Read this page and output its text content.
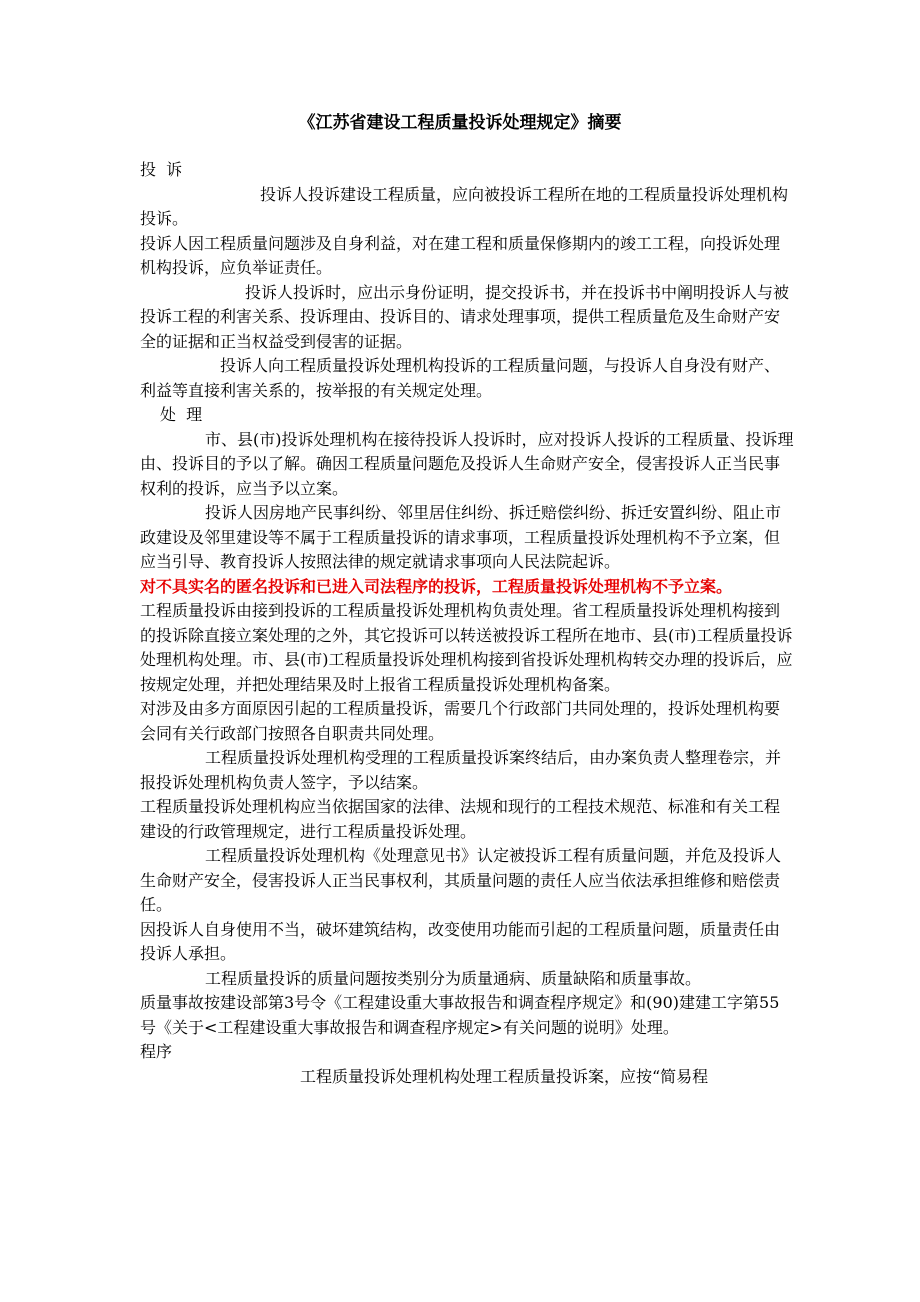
《江苏省建设工程质量投诉处理规定》摘要

投  诉

投诉人投诉建设工程质量，应向被投诉工程所在地的工程质量投诉处理机构投诉。

投诉人因工程质量问题涉及自身利益，对在建工程和质量保修期内的竣工工程，向投诉处理机构投诉，应负举证责任。

投诉人投诉时，应出示身份证明，提交投诉书，并在投诉书中阐明投诉人与被投诉工程的利害关系、投诉理由、投诉目的、请求处理事项，提供工程质量危及生命财产安全的证据和正当权益受到侵害的证据。

投诉人向工程质量投诉处理机构投诉的工程质量问题，与投诉人自身没有财产、利益等直接利害关系的，按举报的有关规定处理。

处  理

市、县(市)投诉处理机构在接待投诉人投诉时，应对投诉人投诉的工程质量、投诉理由、投诉目的予以了解。确因工程质量问题危及投诉人生命财产安全，侵害投诉人正当民事权利的投诉，应当予以立案。

投诉人因房地产民事纠纷、邻里居住纠纷、拆迁赔偿纠纷、拆迁安置纠纷、阻止市政建设及邻里建设等不属于工程质量投诉的请求事项，工程质量投诉处理机构不予立案，但应当引导、教育投诉人按照法律的规定就请求事项向人民法院起诉。

对不具实名的匿名投诉和已进入司法程序的投诉，工程质量投诉处理机构不予立案。

工程质量投诉由接到投诉的工程质量投诉处理机构负责处理。省工程质量投诉处理机构接到的投诉除直接立案处理的之外，其它投诉可以转送被投诉工程所在地市、县(市)工程质量投诉处理机构处理。市、县(市)工程质量投诉处理机构接到省投诉处理机构转交办理的投诉后，应按规定处理，并把处理结果及时上报省工程质量投诉处理机构备案。

对涉及由多方面原因引起的工程质量投诉，需要几个行政部门共同处理的，投诉处理机构要会同有关行政部门按照各自职责共同处理。

工程质量投诉处理机构受理的工程质量投诉案终结后，由办案负责人整理卷宗，并报投诉处理机构负责人签字，予以结案。

工程质量投诉处理机构应当依据国家的法律、法规和现行的工程技术规范、标准和有关工程建设的行政管理规定，进行工程质量投诉处理。

工程质量投诉处理机构《处理意见书》认定被投诉工程有质量问题，并危及投诉人生命财产安全，侵害投诉人正当民事权利，其质量问题的责任人应当依法承担维修和赔偿责任。

因投诉人自身使用不当，破坏建筑结构，改变使用功能而引起的工程质量问题，质量责任由投诉人承担。

工程质量投诉的质量问题按类别分为质量通病、质量缺陷和质量事故。

质量事故按建设部第3号令《工程建设重大事故报告和调查程序规定》和(90)建建工字第55号《关于<工程建设重大事故报告和调查程序规定>有关问题的说明》处理。

程序

工程质量投诉处理机构处理工程质量投诉案，应按“简易程
